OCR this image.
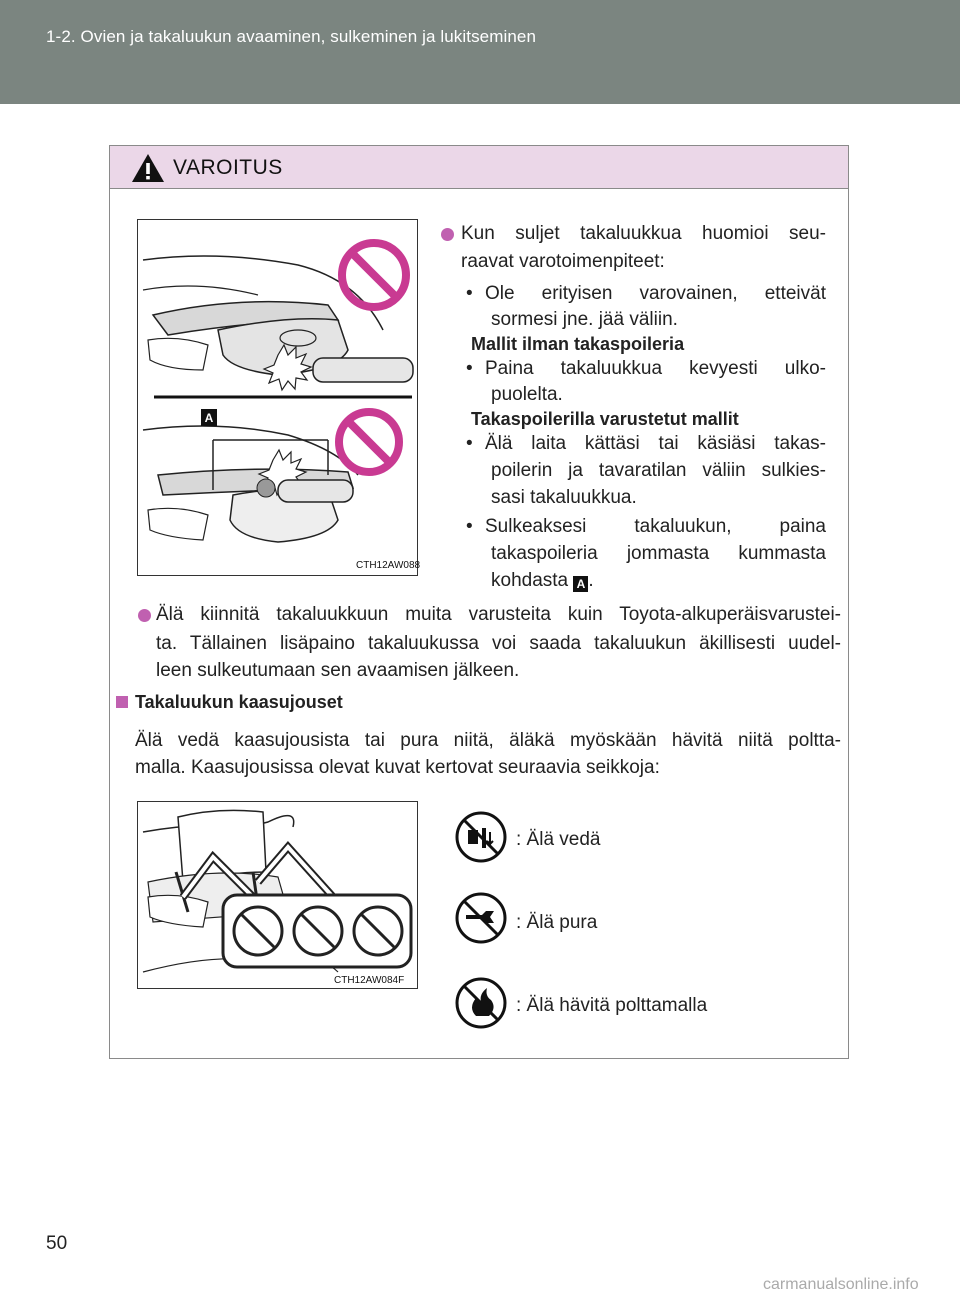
1-2. Ovien ja takaluukun avaaminen, sulkeminen ja lukitseminen
VAROITUS
A
CTH12AW088
Kun suljet takaluukkua huomioi seu-
raavat varotoimenpiteet:
• Ole erityisen varovainen, etteivät
sormesi jne. jää väliin.
Mallit ilman takaspoileria
• Paina takaluukkua kevyesti ulko-
puolelta.
Takaspoilerilla varustetut mallit
• Älä laita kättäsi tai käsiäsi takas-
poilerin ja tavaratilan väliin sulkies-
sasi takaluukkua.
• Sulkeaksesi takaluukun, paina
takaspoileria jommasta kummasta
kohdasta A .
Älä kiinnitä takaluukkuun muita varusteita kuin Toyota-alkuperäisvarustei-
ta. Tällainen lisäpaino takaluukussa voi saada takaluukun äkillisesti uudel-
leen sulkeutumaan sen avaamisen jälkeen.
Takaluukun kaasujouset
Älä vedä kaasujousista tai pura niitä, äläkä myöskään hävitä niitä poltta-
malla. Kaasujousissa olevat kuvat kertovat seuraavia seikkoja:
CTH12AW084F
: Älä vedä
: Älä pura
: Älä hävitä polttamalla
50
carmanualsonline.info
